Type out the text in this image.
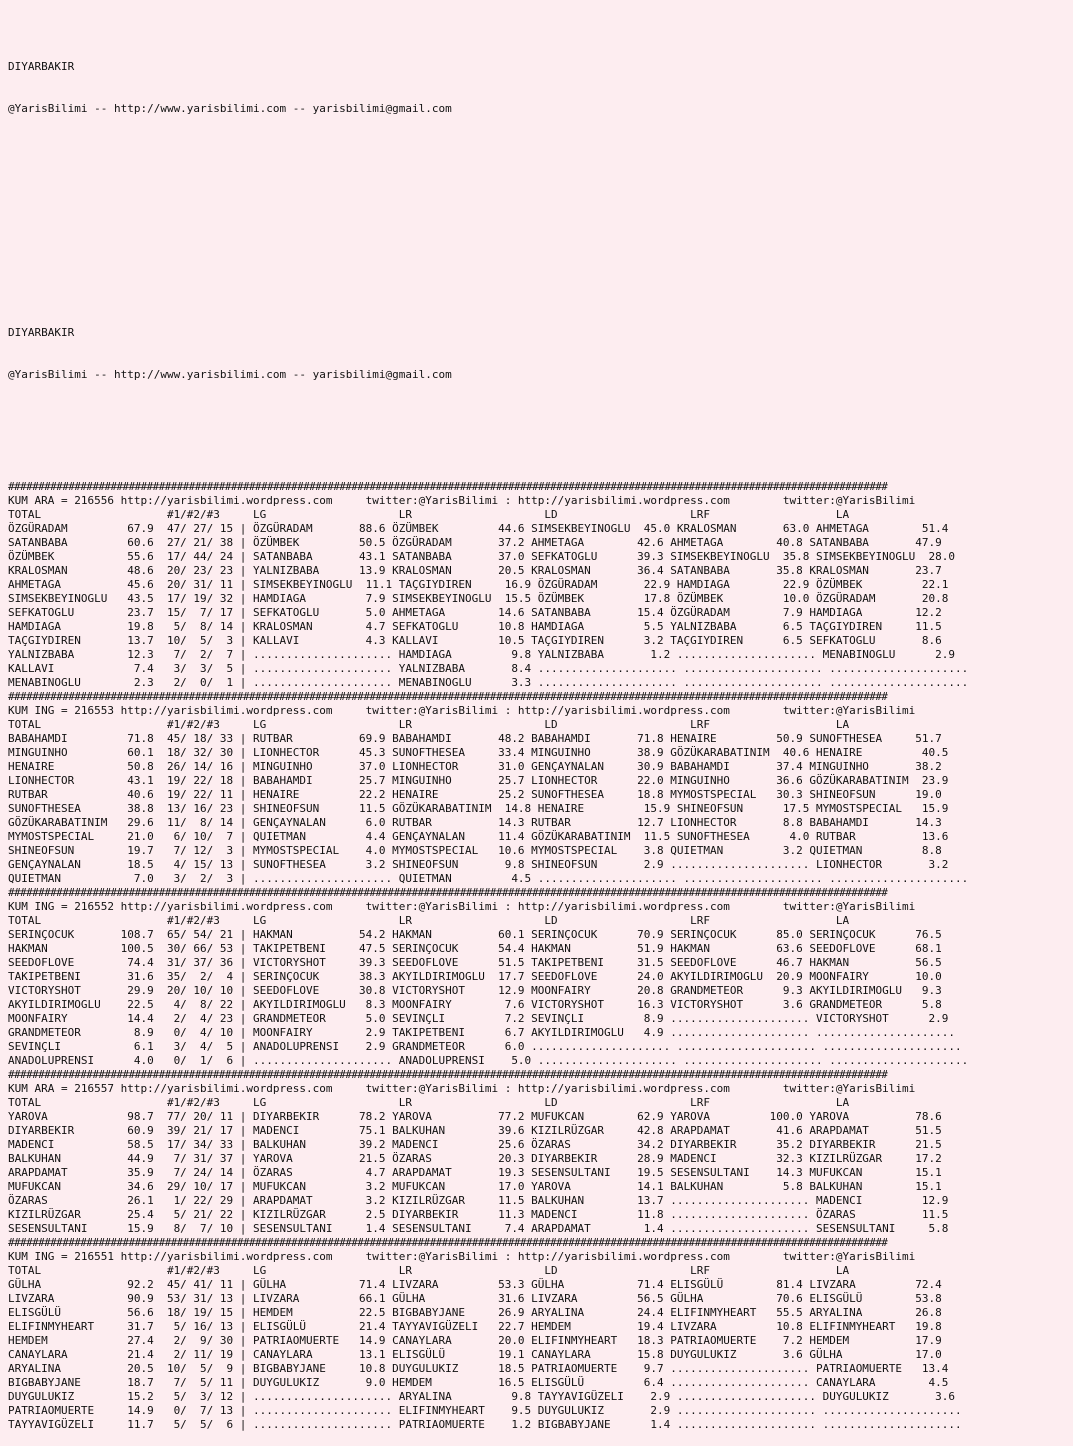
DIYARBAKIR

@YarisBilimi -- http://www.yarisbilimi.com -- yarisbilimi@gmail.com

DIYARBAKIR

@YarisBilimi -- http://www.yarisbilimi.com -- yarisbilimi@gmail.com

##################################################################################################################################################
KUM ARA = 216556 http://yarisbilimi.wordpress.com     twitter:@YarisBilimi : http://yarisbilimi.wordpress.com        twitter:@YarisBilimi
TOTAL                   #1/#2/#3     LG                    LR                    LD                    LRF                   LA
ÖZGÜRADAM         67.9  47/ 27/ 15 | ÖZGÜRADAM       88.6 ÖZÜMBEK         44.6 SIMSEKBEYINOGLU  45.0 KRALOSMAN       63.0 AHMETAGA        51.4
SATANBABA         60.6  27/ 21/ 38 | ÖZÜMBEK         50.5 ÖZGÜRADAM       37.2 AHMETAGA        42.6 AHMETAGA        40.8 SATANBABA       47.9
ÖZÜMBEK           55.6  17/ 44/ 24 | SATANBABA       43.1 SATANBABA       37.0 SEFKATOGLU      39.3 SIMSEKBEYINOGLU  35.8 SIMSEKBEYINOGLU  28.0
KRALOSMAN         48.6  20/ 23/ 23 | YALNIZBABA      13.9 KRALOSMAN       20.5 KRALOSMAN       36.4 SATANBABA       35.8 KRALOSMAN       23.7
AHMETAGA          45.6  20/ 31/ 11 | SIMSEKBEYINOGLU  11.1 TAÇGIYDIREN     16.9 ÖZGÜRADAM       22.9 HAMDIAGA        22.9 ÖZÜMBEK         22.1
SIMSEKBEYINOGLU   43.5  17/ 19/ 32 | HAMDIAGA         7.9 SIMSEKBEYINOGLU  15.5 ÖZÜMBEK         17.8 ÖZÜMBEK         10.0 ÖZGÜRADAM       20.8
SEFKATOGLU        23.7  15/  7/ 17 | SEFKATOGLU       5.0 AHMETAGA        14.6 SATANBABA       15.4 ÖZGÜRADAM        7.9 HAMDIAGA        12.2
HAMDIAGA          19.8   5/  8/ 14 | KRALOSMAN        4.7 SEFKATOGLU      10.8 HAMDIAGA         5.5 YALNIZBABA       6.5 TAÇGIYDIREN     11.5
TAÇGIYDIREN       13.7  10/  5/  3 | KALLAVI          4.3 KALLAVI         10.5 TAÇGIYDIREN      3.2 TAÇGIYDIREN      6.5 SEFKATOGLU       8.6
YALNIZBABA        12.3   7/  2/  7 | ..................... HAMDIAGA         9.8 YALNIZBABA       1.2 ..................... MENABINOGLU      2.9
KALLAVI            7.4   3/  3/  5 | ..................... YALNIZBABA       8.4 ..................... ..................... .....................
MENABINOGLU        2.3   2/  0/  1 | ..................... MENABINOGLU      3.3 ..................... ..................... .....................
##################################################################################################################################################
KUM ING = 216553 http://yarisbilimi.wordpress.com     twitter:@YarisBilimi : http://yarisbilimi.wordpress.com        twitter:@YarisBilimi
TOTAL                   #1/#2/#3     LG                    LR                    LD                    LRF                   LA
BABAHAMDI         71.8  45/ 18/ 33 | RUTBAR          69.9 BABAHAMDI       48.2 BABAHAMDI       71.8 HENAIRE         50.9 SUNOFTHESEA     51.7
MINGUINHO         60.1  18/ 32/ 30 | LIONHECTOR      45.3 SUNOFTHESEA     33.4 MINGUINHO       38.9 GÖZÜKARABATINIM  40.6 HENAIRE         40.5
HENAIRE           50.8  26/ 14/ 16 | MINGUINHO       37.0 LIONHECTOR      31.0 GENÇAYNALAN     30.9 BABAHAMDI       37.4 MINGUINHO       38.2
LIONHECTOR        43.1  19/ 22/ 18 | BABAHAMDI       25.7 MINGUINHO       25.7 LIONHECTOR      22.0 MINGUINHO       36.6 GÖZÜKARABATINIM  23.9
RUTBAR            40.6  19/ 22/ 11 | HENAIRE         22.2 HENAIRE         25.2 SUNOFTHESEA     18.8 MYMOSTSPECIAL   30.3 SHINEOFSUN      19.0
SUNOFTHESEA       38.8  13/ 16/ 23 | SHINEOFSUN      11.5 GÖZÜKARABATINIM  14.8 HENAIRE         15.9 SHINEOFSUN      17.5 MYMOSTSPECIAL   15.9
GÖZÜKARABATINIM   29.6  11/  8/ 14 | GENÇAYNALAN      6.0 RUTBAR          14.3 RUTBAR          12.7 LIONHECTOR       8.8 BABAHAMDI       14.3
MYMOSTSPECIAL     21.0   6/ 10/  7 | QUIETMAN         4.4 GENÇAYNALAN     11.4 GÖZÜKARABATINIM  11.5 SUNOFTHESEA      4.0 RUTBAR          13.6
SHINEOFSUN        19.7   7/ 12/  3 | MYMOSTSPECIAL    4.0 MYMOSTSPECIAL   10.6 MYMOSTSPECIAL    3.8 QUIETMAN         3.2 QUIETMAN         8.8
GENÇAYNALAN       18.5   4/ 15/ 13 | SUNOFTHESEA      3.2 SHINEOFSUN       9.8 SHINEOFSUN       2.9 ..................... LIONHECTOR       3.2
QUIETMAN           7.0   3/  2/  3 | ..................... QUIETMAN         4.5 ..................... ..................... .....................
##################################################################################################################################################
KUM ING = 216552 http://yarisbilimi.wordpress.com     twitter:@YarisBilimi : http://yarisbilimi.wordpress.com        twitter:@YarisBilimi
TOTAL                   #1/#2/#3     LG                    LR                    LD                    LRF                   LA
SERINÇOCUK       108.7  65/ 54/ 21 | HAKMAN          54.2 HAKMAN          60.1 SERINÇOCUK      70.9 SERINÇOCUK      85.0 SERINÇOCUK      76.5
HAKMAN           100.5  30/ 66/ 53 | TAKIPETBENI     47.5 SERINÇOCUK      54.4 HAKMAN          51.9 HAKMAN          63.6 SEEDOFLOVE      68.1
SEEDOFLOVE        74.4  31/ 37/ 36 | VICTORYSHOT     39.3 SEEDOFLOVE      51.5 TAKIPETBENI     31.5 SEEDOFLOVE      46.7 HAKMAN          56.5
TAKIPETBENI       31.6  35/  2/  4 | SERINÇOCUK      38.3 AKYILDIRIMOGLU  17.7 SEEDOFLOVE      24.0 AKYILDIRIMOGLU  20.9 MOONFAIRY       10.0
VICTORYSHOT       29.9  20/ 10/ 10 | SEEDOFLOVE      30.8 VICTORYSHOT     12.9 MOONFAIRY       20.8 GRANDMETEOR      9.3 AKYILDIRIMOGLU   9.3
AKYILDIRIMOGLU    22.5   4/  8/ 22 | AKYILDIRIMOGLU   8.3 MOONFAIRY        7.6 VICTORYSHOT     16.3 VICTORYSHOT      3.6 GRANDMETEOR      5.8
MOONFAIRY         14.4   2/  4/ 23 | GRANDMETEOR      5.0 SEVINÇLI         7.2 SEVINÇLI         8.9 ..................... VICTORYSHOT      2.9
GRANDMETEOR        8.9   0/  4/ 10 | MOONFAIRY        2.9 TAKIPETBENI      6.7 AKYILDIRIMOGLU   4.9 ..................... .....................
SEVINÇLI           6.1   3/  4/  5 | ANADOLUPRENSI    2.9 GRANDMETEOR      6.0 ..................... ..................... .....................
ANADOLUPRENSI      4.0   0/  1/  6 | ..................... ANADOLUPRENSI    5.0 ..................... ..................... .....................
##################################################################################################################################################
KUM ARA = 216557 http://yarisbilimi.wordpress.com     twitter:@YarisBilimi : http://yarisbilimi.wordpress.com        twitter:@YarisBilimi
TOTAL                   #1/#2/#3     LG                    LR                    LD                    LRF                   LA
YAROVA            98.7  77/ 20/ 11 | DIYARBEKIR      78.2 YAROVA          77.2 MUFUKCAN        62.9 YAROVA         100.0 YAROVA          78.6
DIYARBEKIR        60.9  39/ 21/ 17 | MADENCI         75.1 BALKUHAN        39.6 KIZILRÜZGAR     42.8 ARAPDAMAT       41.6 ARAPDAMAT       51.5
MADENCI           58.5  17/ 34/ 33 | BALKUHAN        39.2 MADENCI         25.6 ÖZARAS          34.2 DIYARBEKIR      35.2 DIYARBEKIR      21.5
BALKUHAN          44.9   7/ 31/ 37 | YAROVA          21.5 ÖZARAS          20.3 DIYARBEKIR      28.9 MADENCI         32.3 KIZILRÜZGAR     17.2
ARAPDAMAT         35.9   7/ 24/ 14 | ÖZARAS           4.7 ARAPDAMAT       19.3 SESENSULTANI    19.5 SESENSULTANI    14.3 MUFUKCAN        15.1
MUFUKCAN          34.6  29/ 10/ 17 | MUFUKCAN         3.2 MUFUKCAN        17.0 YAROVA          14.1 BALKUHAN         5.8 BALKUHAN        15.1
ÖZARAS            26.1   1/ 22/ 29 | ARAPDAMAT        3.2 KIZILRÜZGAR     11.5 BALKUHAN        13.7 ..................... MADENCI         12.9
KIZILRÜZGAR       25.4   5/ 21/ 22 | KIZILRÜZGAR      2.5 DIYARBEKIR      11.3 MADENCI         11.8 ..................... ÖZARAS          11.5
SESENSULTANI      15.9   8/  7/ 10 | SESENSULTANI     1.4 SESENSULTANI     7.4 ARAPDAMAT        1.4 ..................... SESENSULTANI     5.8
##################################################################################################################################################
KUM ING = 216551 http://yarisbilimi.wordpress.com     twitter:@YarisBilimi : http://yarisbilimi.wordpress.com        twitter:@YarisBilimi
TOTAL                   #1/#2/#3     LG                    LR                    LD                    LRF                   LA
GÜLHA             92.2  45/ 41/ 11 | GÜLHA           71.4 LIVZARA         53.3 GÜLHA           71.4 ELISGÜLÜ        81.4 LIVZARA         72.4
LIVZARA           90.9  53/ 31/ 13 | LIVZARA         66.1 GÜLHA           31.6 LIVZARA         56.5 GÜLHA           70.6 ELISGÜLÜ        53.8
ELISGÜLÜ          56.6  18/ 19/ 15 | HEMDEM          22.5 BIGBABYJANE     26.9 ARYALINA        24.4 ELIFINMYHEART   55.5 ARYALINA        26.8
ELIFINMYHEART     31.7   5/ 16/ 13 | ELISGÜLÜ        21.4 TAYYAVIGÜZELI   22.7 HEMDEM          19.4 LIVZARA         10.8 ELIFINMYHEART   19.8
HEMDEM            27.4   2/  9/ 30 | PATRIAOMUERTE   14.9 CANAYLARA       20.0 ELIFINMYHEART   18.3 PATRIAOMUERTE    7.2 HEMDEM          17.9
CANAYLARA         21.4   2/ 11/ 19 | CANAYLARA       13.1 ELISGÜLÜ        19.1 CANAYLARA       15.8 DUYGULUKIZ       3.6 GÜLHA           17.0
ARYALINA          20.5  10/  5/  9 | BIGBABYJANE     10.8 DUYGULUKIZ      18.5 PATRIAOMUERTE    9.7 ..................... PATRIAOMUERTE   13.4
BIGBABYJANE       18.7   7/  5/ 11 | DUYGULUKIZ       9.0 HEMDEM          16.5 ELISGÜLÜ         6.4 ..................... CANAYLARA        4.5
DUYGULUKIZ        15.2   5/  3/ 12 | ..................... ARYALINA         9.8 TAYYAVIGÜZELI    2.9 ..................... DUYGULUKIZ       3.6
PATRIAOMUERTE     14.9   0/  7/ 13 | ..................... ELIFINMYHEART    9.5 DUYGULUKIZ       2.9 ..................... .....................
TAYYAVIGÜZELI     11.7   5/  5/  6 | ..................... PATRIAOMUERTE    1.2 BIGBABYJANE      1.4 ..................... .....................
